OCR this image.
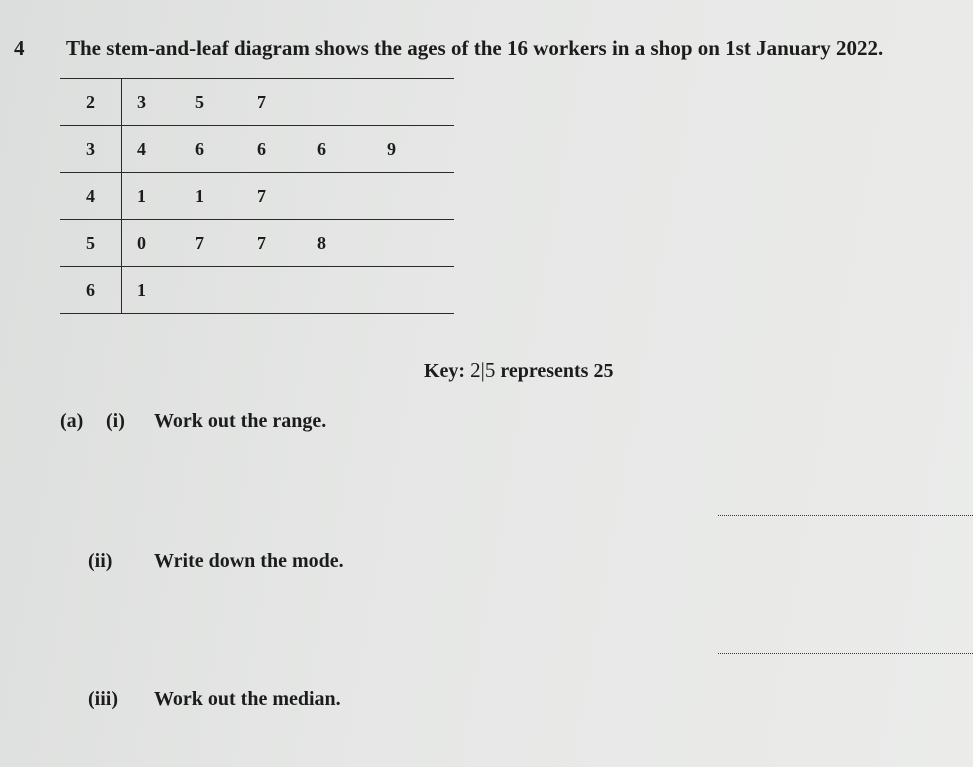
4 The stem-and-leaf diagram shows the ages of the 16 workers in a shop on 1st January 2022.
2	3	5	7
3	4	6	6	6	9
4	1	1	7
5	0	7	7	8
6	1
Key: 2|5 represents 25
(a) (i) Work out the range.
(ii) Write down the mode.
(iii) Work out the median.
